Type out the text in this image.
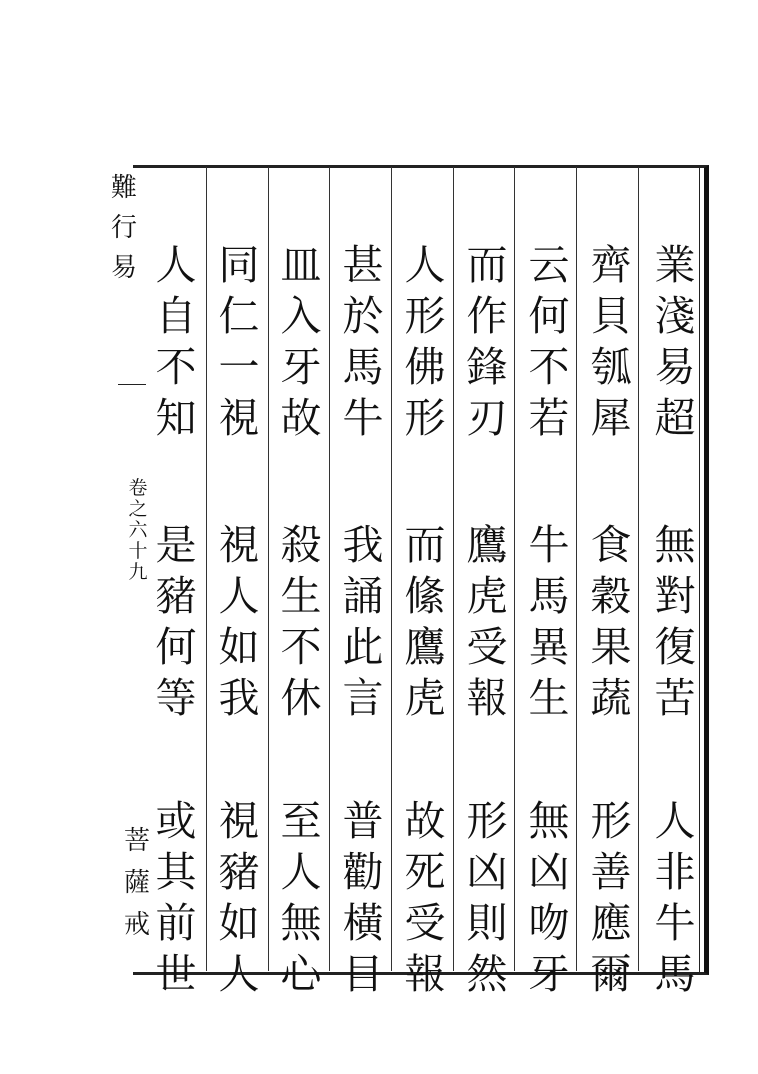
難
行
易
卷
之
六
十
九
菩
薩
戒
業
淺
易
超
無
對
復
苦
人
非
牛
馬
齊
貝
瓠
犀
食
穀
果
蔬
形
善
應
爾
云
何
不
若
牛
馬
異
生
無
凶
吻
牙
而
作
鋒
刃
鷹
虎
受
報
形
凶
則
然
人
形
佛
形
而
絛
鷹
虎
故
死
受
報
甚
於
馬
牛
我
誦
此
言
普
勸
橫
目
皿
入
牙
故
殺
生
不
休
至
人
無
心
同
仁
一
視
視
人
如
我
視
豬
如
人
人
自
不
知
是
豬
何
等
或
其
前
世
